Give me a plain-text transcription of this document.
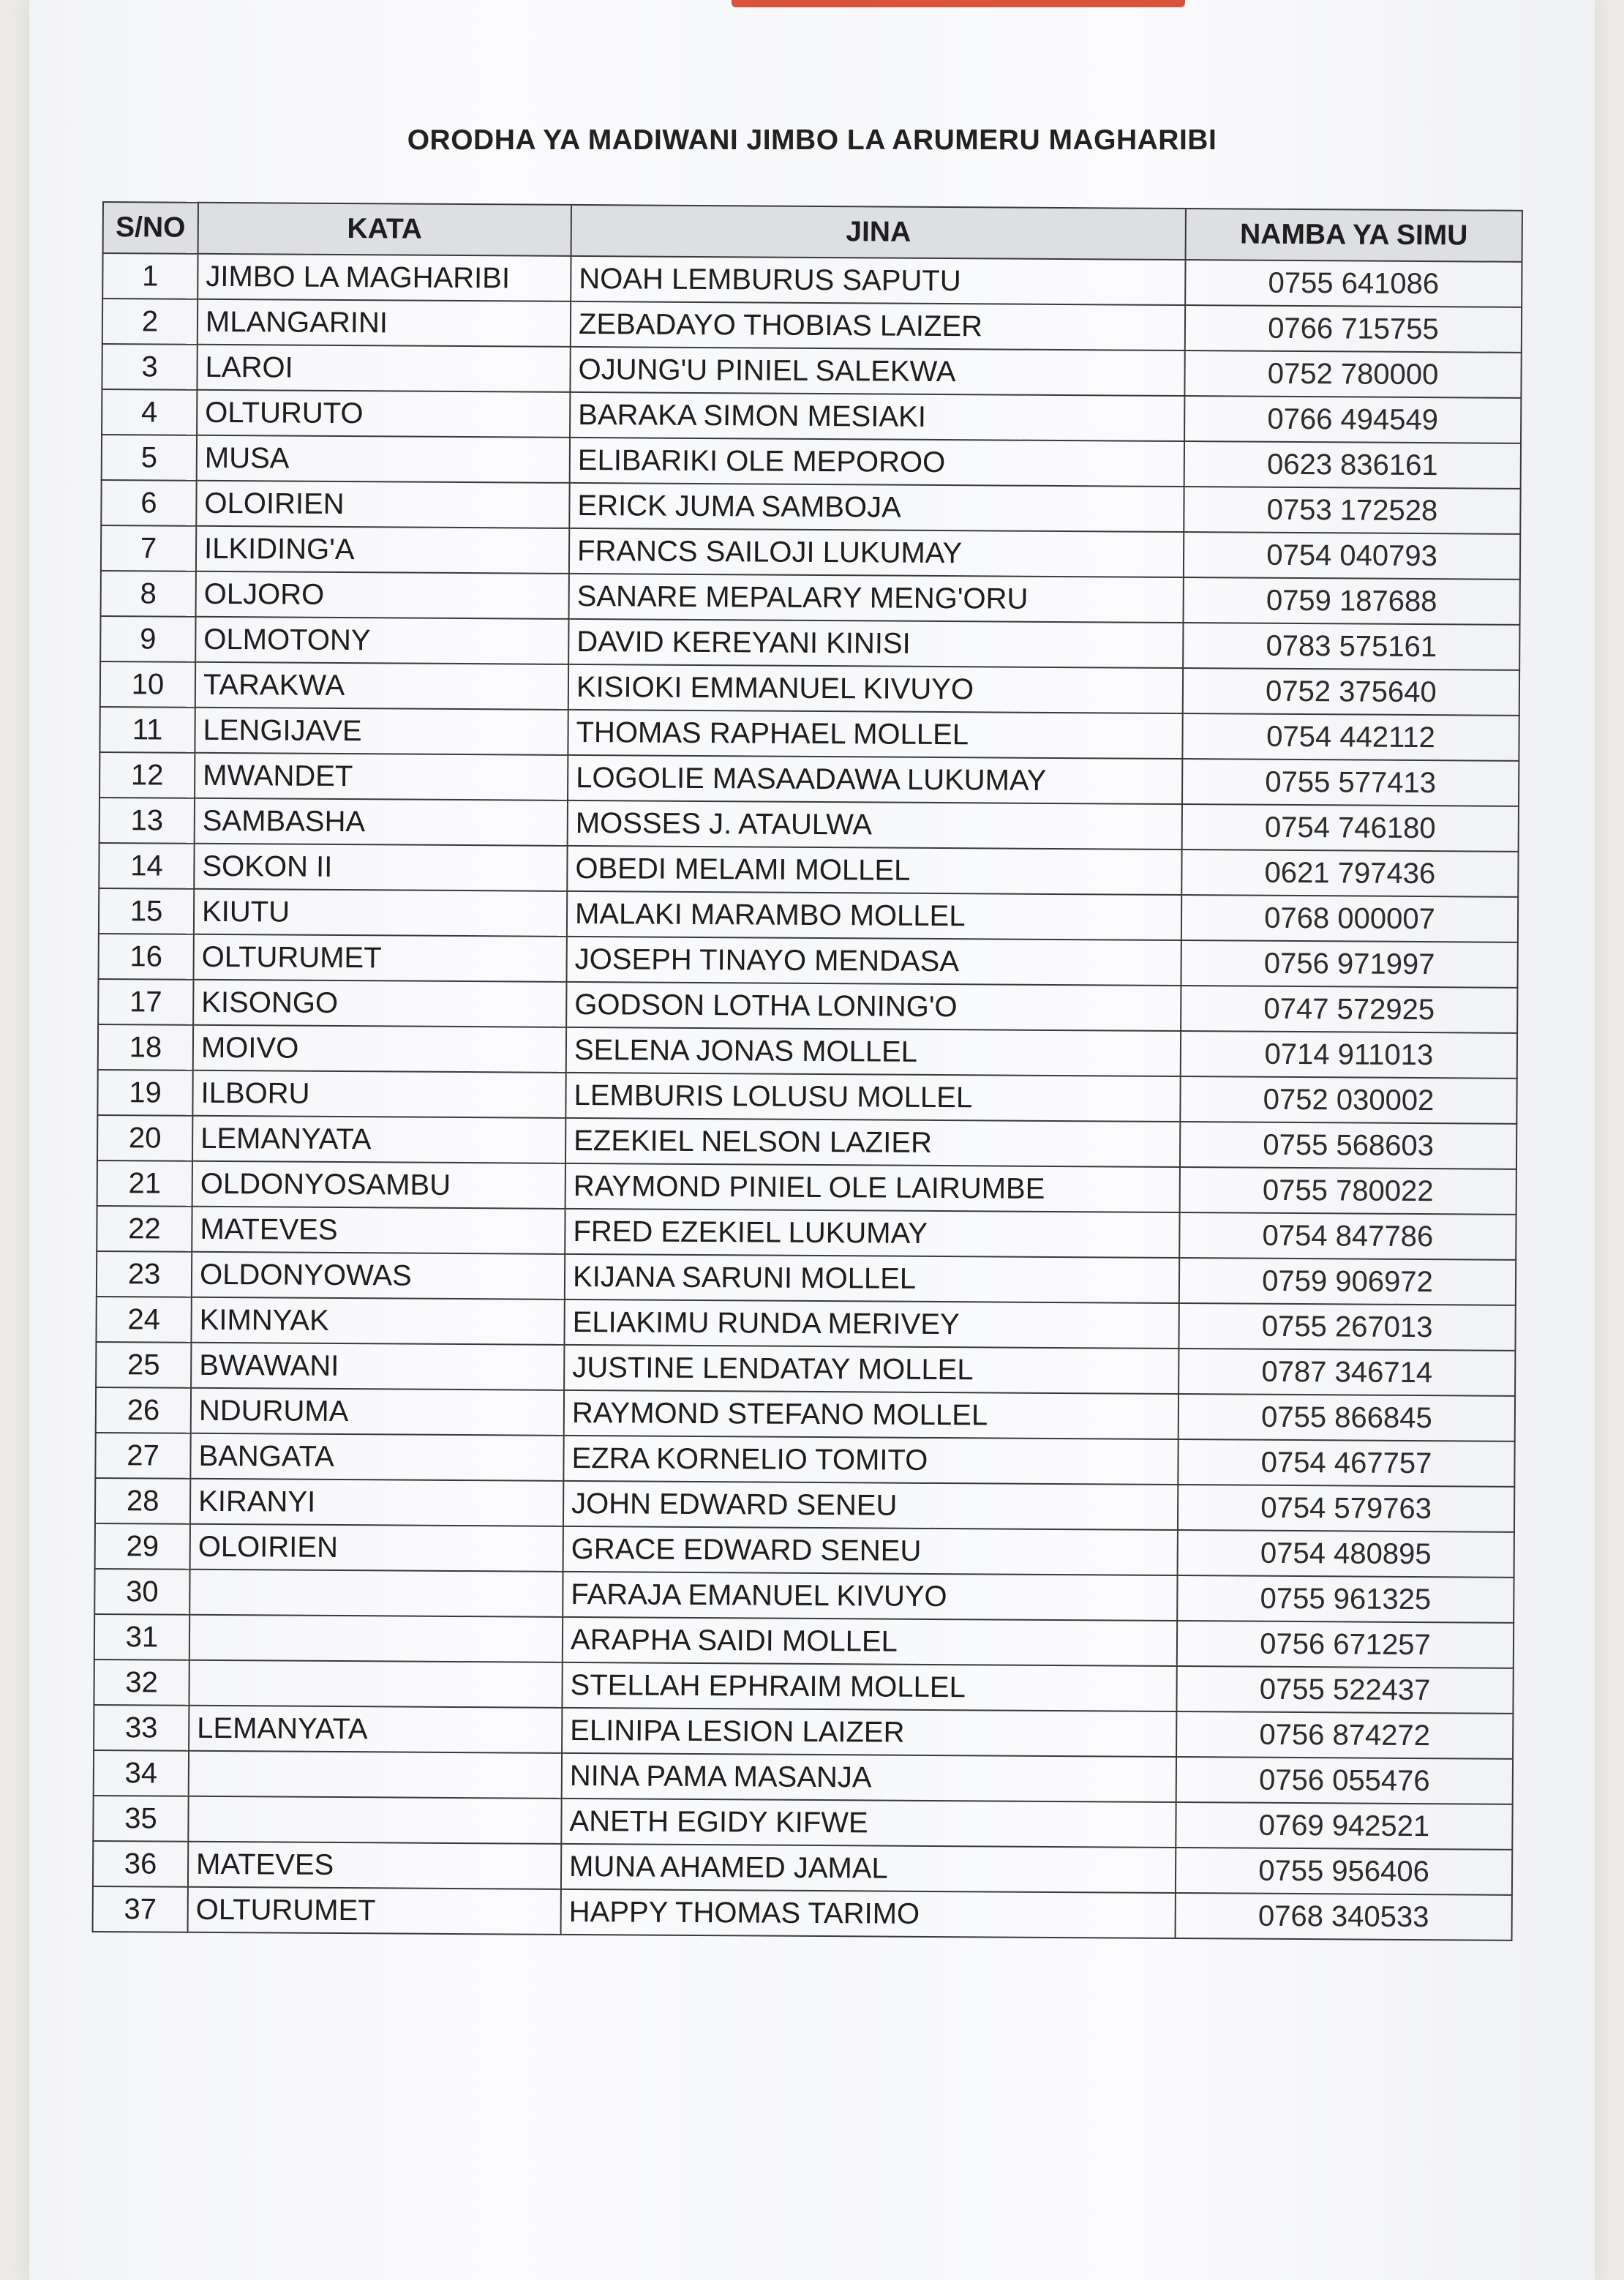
ORODHA YA MADIWANI JIMBO LA ARUMERU MAGHARIBI
S/NO	KATA	JINA	NAMBA YA SIMU
1	JIMBO LA MAGHARIBI	NOAH LEMBURUS SAPUTU	0755 641086
2	MLANGARINI	ZEBADAYO THOBIAS LAIZER	0766 715755
3	LAROI	OJUNG'U PINIEL SALEKWA	0752 780000
4	OLTURUTO	BARAKA SIMON MESIAKI	0766 494549
5	MUSA	ELIBARIKI OLE MEPOROO	0623 836161
6	OLOIRIEN	ERICK JUMA SAMBOJA	0753 172528
7	ILKIDING'A	FRANCS SAILOJI LUKUMAY	0754 040793
8	OLJORO	SANARE MEPALARY MENG'ORU	0759 187688
9	OLMOTONY	DAVID KEREYANI KINISI	0783 575161
10	TARAKWA	KISIOKI EMMANUEL KIVUYO	0752 375640
11	LENGIJAVE	THOMAS RAPHAEL MOLLEL	0754 442112
12	MWANDET	LOGOLIE MASAADAWA LUKUMAY	0755 577413
13	SAMBASHA	MOSSES J. ATAULWA	0754 746180
14	SOKON II	OBEDI MELAMI MOLLEL	0621 797436
15	KIUTU	MALAKI MARAMBO MOLLEL	0768 000007
16	OLTURUMET	JOSEPH TINAYO MENDASA	0756 971997
17	KISONGO	GODSON LOTHA LONING'O	0747 572925
18	MOIVO	SELENA JONAS MOLLEL	0714 911013
19	ILBORU	LEMBURIS LOLUSU MOLLEL	0752 030002
20	LEMANYATA	EZEKIEL NELSON LAZIER	0755 568603
21	OLDONYOSAMBU	RAYMOND PINIEL OLE LAIRUMBE	0755 780022
22	MATEVES	FRED EZEKIEL LUKUMAY	0754 847786
23	OLDONYOWAS	KIJANA SARUNI MOLLEL	0759 906972
24	KIMNYAK	ELIAKIMU RUNDA MERIVEY	0755 267013
25	BWAWANI	JUSTINE LENDATAY MOLLEL	0787 346714
26	NDURUMA	RAYMOND STEFANO MOLLEL	0755 866845
27	BANGATA	EZRA KORNELIO TOMITO	0754 467757
28	KIRANYI	JOHN EDWARD SENEU	0754 579763
29	OLOIRIEN	GRACE EDWARD SENEU	0754 480895
30		FARAJA EMANUEL KIVUYO	0755 961325
31		ARAPHA SAIDI MOLLEL	0756 671257
32		STELLAH EPHRAIM MOLLEL	0755 522437
33	LEMANYATA	ELINIPA LESION LAIZER	0756 874272
34		NINA PAMA MASANJA	0756 055476
35		ANETH EGIDY KIFWE	0769 942521
36	MATEVES	MUNA AHAMED JAMAL	0755 956406
37	OLTURUMET	HAPPY THOMAS TARIMO	0768 340533
